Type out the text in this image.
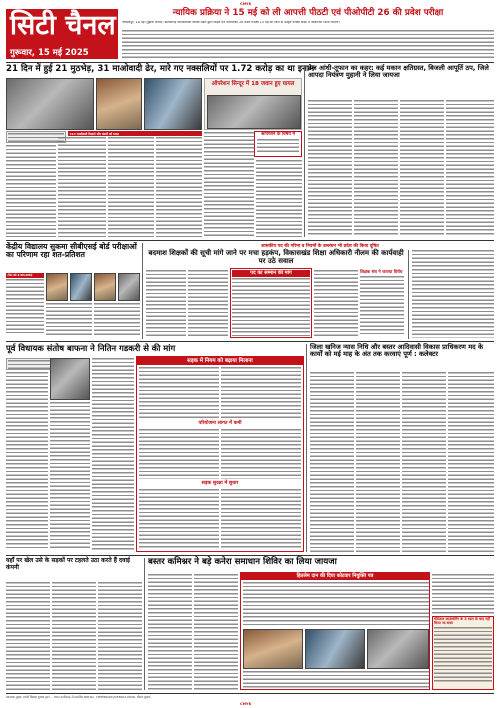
CMYK
सिटी चैनल
गुरूवार, 15 मई 2025
न्यायिक प्रक्रिया ने 15 मई को ली आपत्ती पीठटी एवं पीओपीटी 26 की प्रवेश परीक्षा
जगदलपुर, 14 मई (गुड़ीके चैनल)। छत्तीसगढ़ व्यावसायिक परीक्षा मंडल द्वारा पीईटी एवं पीएनटीसी 26 प्रवेश परीक्षा 15 मई को जिले के उत्कृष्ट परीक्षा केन्द्रों में आयोजित किया जाएगा।
21 दिन में हुई 21 मुठभेड़, 31 माओवादी ढेर, मारे गए नक्सलियों पर 1.72 करोड़ का था इनाम
ऑपरेशन सिन्दूर में 18 जवान हुए घायल
214 माओवादी ठिकाने और बंकरों को ध्वस्त	ऑपरेशन के विषय में
तेज आंधी-तूफान का कहर: कई मकान क्षतिग्रस्त, बिजली आपूर्ति ठप, जिले आपदा नियंत्रण मुहानी ने लिया जायजा
केंद्रीय विद्यालय सुकमा सीबीएसई बोर्ड परीक्षाओं का परिणाम रहा शत-प्रतिशत
टॉपर बने 8 छात्र-छात्राएं
शासकीय पद की गरिमा व नियमों के उल्लंघन भी प्रदेश की किया दूषित
बदमाश शिक्षकों की सूची मांगे जाने पर मचा हड़कंप, विकासखंड शिक्षा अधिकारी नीलम की कार्यवाही पर उठे सवाल
पद का सम्मान की मांग	शिक्षक संघ ने जताया विरोध
पूर्व विधायक संतोष बाफना ने नितिन गडकरी से की मांग
सड़क में नियम को बढ़ाया मिलाना
परियोजना लागत में कमी
सड़क सुरक्षा में सुधार
जिला खनिज न्यास निधि और बस्तर आदिवासी विकास प्राधिकरण मद के कार्यों को मई माह के अंत तक करवाएं पूर्ण : कलेक्टर
यहाँ पर खेल उसे के सड़कों पर टहलते उठा करते हैं दवाई कंपनी
बस्तर कमिश्नर ने बड़े कनेरा समाधान शिविर का लिया जायजा
हितलेम दान की दिया कोटवार नियुक्ति पत्र
मेडिकल काउंसलिंग के 3 साल के बाद नहीं किया जा सका
प्रकाशक मुद्रक: स्वामी प्रियंका शुक्ला द्वारा ... बस्तर छत्तीसगढ़ से प्रकाशित RNI No. CHHHIN/2013/56064 संपादक: शीतल शुक्ला
CMYK
